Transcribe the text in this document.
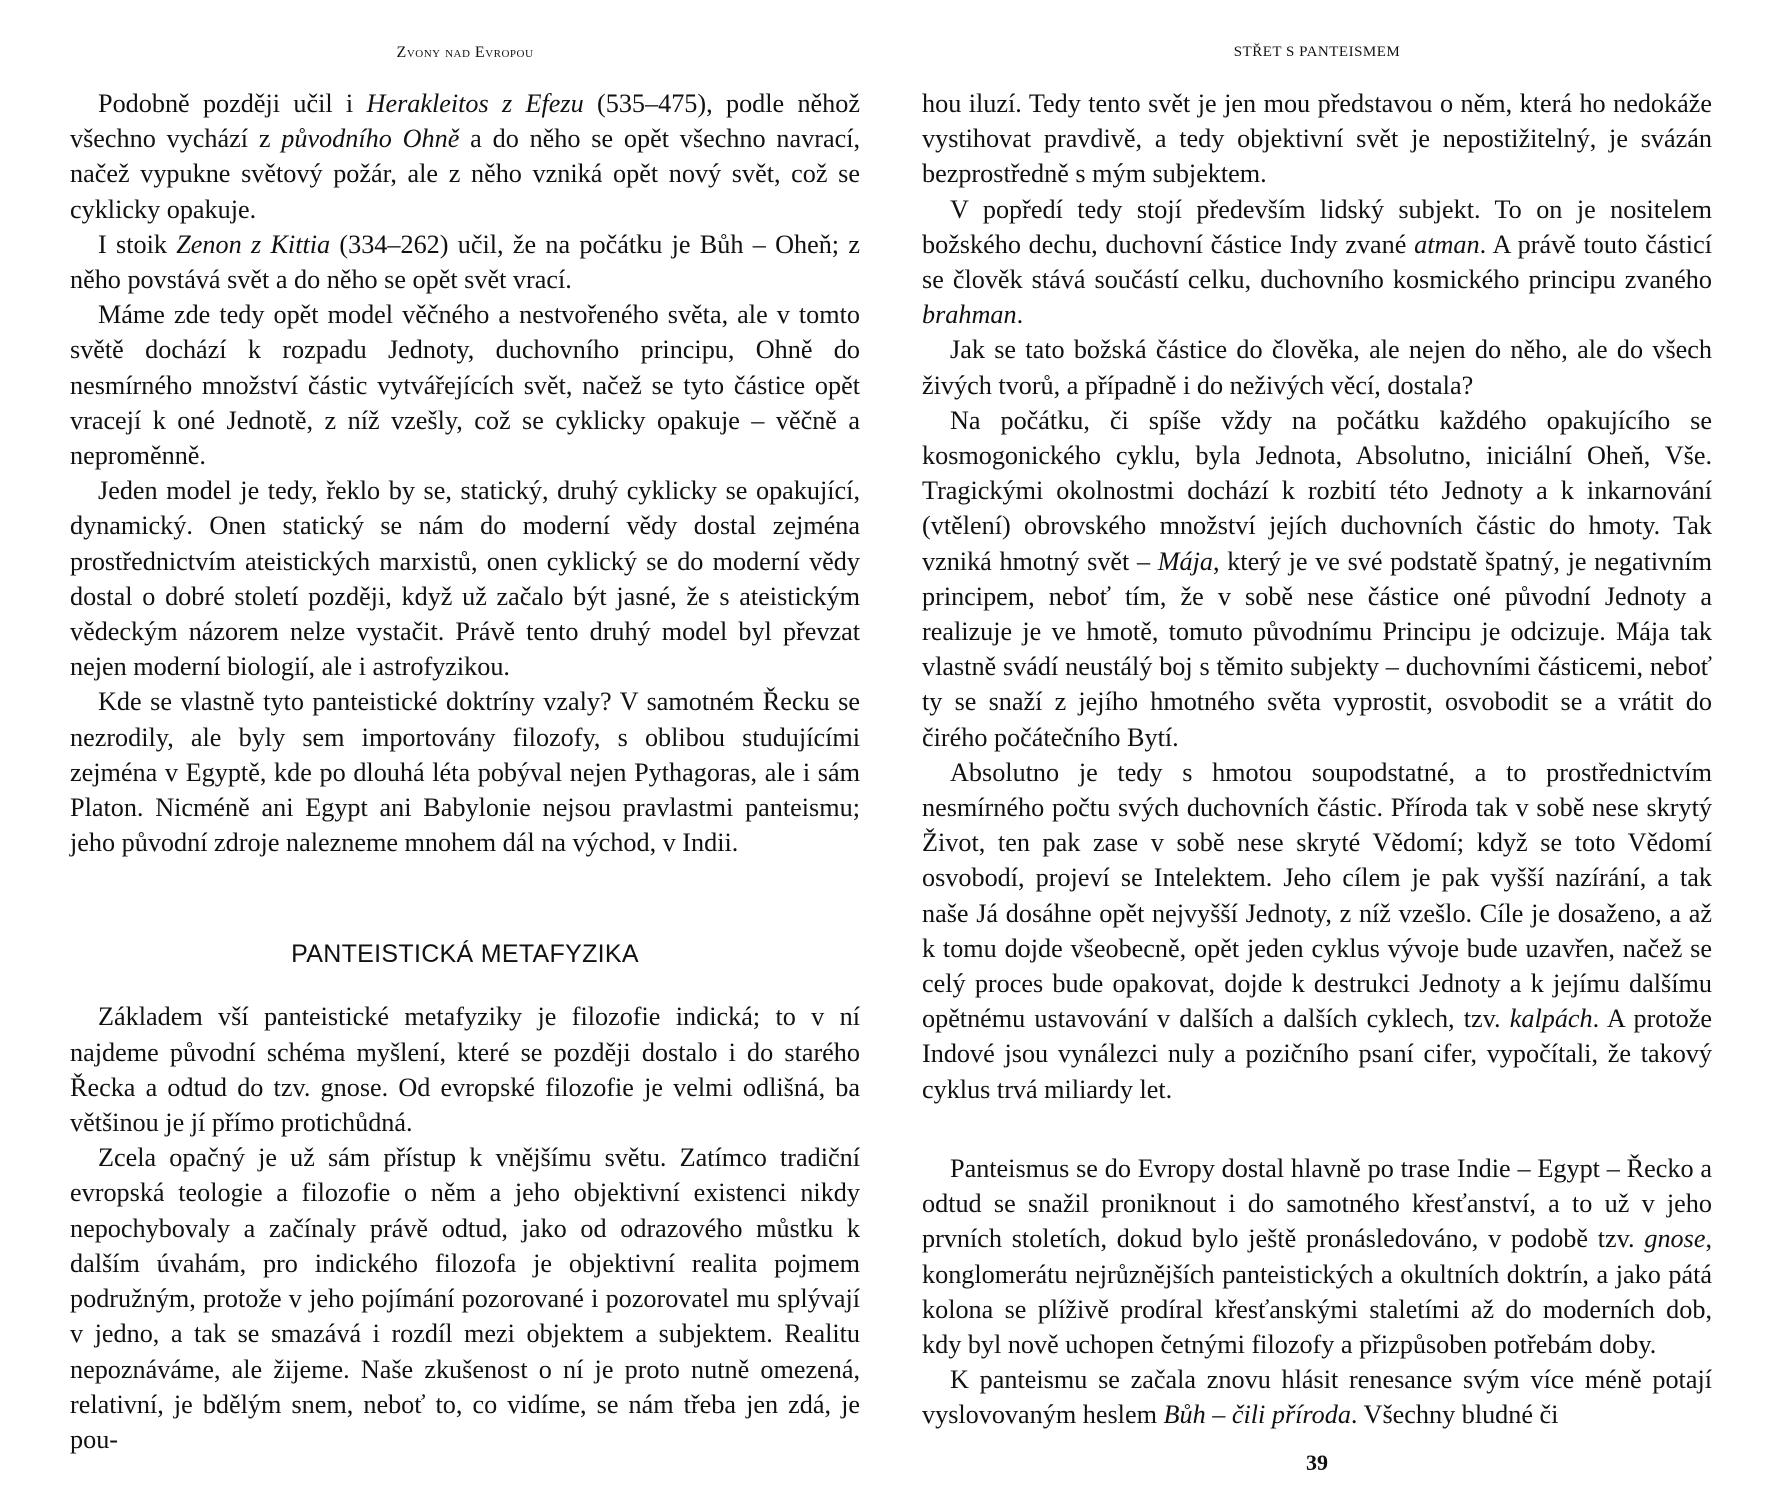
Zvony nad Evropou

Podobně později učil i Herakleitos z Efezu (535–475), podle něhož všechno vychází z původního Ohně a do něho se opět všechno navrací, načež vypukne světový požár, ale z něho vzniká opět nový svět, což se cyklicky opakuje.

I stoik Zenon z Kittia (334–262) učil, že na počátku je Bůh – Oheň; z něho povstává svět a do něho se opět svět vrací.

Máme zde tedy opět model věčného a nestvořeného světa, ale v tomto světě dochází k rozpadu Jednoty, duchovního principu, Ohně do nesmírného množství částic vytvářejících svět, načež se tyto částice opět vracejí k oné Jednotě, z níž vzešly, což se cyklicky opakuje – věčně a neproměnně.

Jeden model je tedy, řeklo by se, statický, druhý cyklicky se opakující, dynamický. Onen statický se nám do moderní vědy dostal zejména prostřednictvím ateistických marxistů, onen cyklický se do moderní vědy dostal o dobré století později, když už začalo být jasné, že s ateistickým vědeckým názorem nelze vystačit. Právě tento druhý model byl převzat nejen moderní biologií, ale i astrofyzikou.

Kde se vlastně tyto panteistické doktríny vzaly? V samotném Řecku se nezrodily, ale byly sem importovány filozofy, s oblibou studujícími zejména v Egyptě, kde po dlouhá léta pobýval nejen Pythagoras, ale i sám Platon. Nicméně ani Egypt ani Babylonie nejsou pravlastmi panteismu; jeho původní zdroje nalezneme mnohem dál na východ, v Indii.

PANTEISTICKÁ METAFYZIKA

Základem vší panteistické metafyziky je filozofie indická; to v ní najdeme původní schéma myšlení, které se později dostalo i do starého Řecka a odtud do tzv. gnose. Od evropské filozofie je velmi odlišná, ba většinou je jí přímo protichůdná.

Zcela opačný je už sám přístup k vnějšímu světu. Zatímco tradiční evropská teologie a filozofie o něm a jeho objektivní existenci nikdy nepochybovaly a začínaly právě odtud, jako od odrazového můstku k dalším úvahám, pro indického filozofa je objektivní realita pojmem podružným, protože v jeho pojímání pozorované i pozorovatel mu splývají v jedno, a tak se smazává i rozdíl mezi objektem a subjektem. Realitu nepoznáváme, ale žijeme. Naše zkušenost o ní je proto nutně omezená, relativní, je bdělým snem, neboť to, co vidíme, se nám třeba jen zdá, je pou-

STŘET S PANTEISMEM

hou iluzí. Tedy tento svět je jen mou představou o něm, která ho nedokáže vystihovat pravdivě, a tedy objektivní svět je nepostižitelný, je svázán bezprostředně s mým subjektem.

V popředí tedy stojí především lidský subjekt. To on je nositelem božského dechu, duchovní částice Indy zvané atman. A právě touto částicí se člověk stává součástí celku, duchovního kosmického principu zvaného brahman.

Jak se tato božská částice do člověka, ale nejen do něho, ale do všech živých tvorů, a případně i do neživých věcí, dostala?

Na počátku, či spíše vždy na počátku každého opakujícího se kosmogonického cyklu, byla Jednota, Absolutno, iniciální Oheň, Vše. Tragickými okolnostmi dochází k rozbití této Jednoty a k inkarnování (vtělení) obrovského množství jejích duchovních částic do hmoty. Tak vzniká hmotný svět – Mája, který je ve své podstatě špatný, je negativním principem, neboť tím, že v sobě nese částice oné původní Jednoty a realizuje je ve hmotě, tomuto původnímu Principu je odcizuje. Mája tak vlastně svádí neustálý boj s těmito subjekty – duchovními částicemi, neboť ty se snaží z jejího hmotného světa vyprostit, osvobodit se a vrátit do čirého počátečního Bytí.

Absolutno je tedy s hmotou soupodstatné, a to prostřednictvím nesmírného počtu svých duchovních částic. Příroda tak v sobě nese skrytý Život, ten pak zase v sobě nese skryté Vědomí; když se toto Vědomí osvobodí, projeví se Intelektem. Jeho cílem je pak vyšší nazírání, a tak naše Já dosáhne opět nejvyšší Jednoty, z níž vzešlo. Cíle je dosaženo, a až k tomu dojde všeobecně, opět jeden cyklus vývoje bude uzavřen, načež se celý proces bude opakovat, dojde k destrukci Jednoty a k jejímu dalšímu opětnému ustavování v dalších a dalších cyklech, tzv. kalpách. A protože Indové jsou vynálezci nuly a pozičního psaní cifer, vypočítali, že takový cyklus trvá miliardy let.

Panteismus se do Evropy dostal hlavně po trase Indie – Egypt – Řecko a odtud se snažil proniknout i do samotného křesťanství, a to už v jeho prvních stoletích, dokud bylo ještě pronásledováno, v podobě tzv. gnose, konglomerátu nejrůznějších panteistických a okultních doktrín, a jako pátá kolona se plíživě prodíral křesťanskými staletími až do moderních dob, kdy byl nově uchopen četnými filozofy a přizpůsoben potřebám doby.

K panteismu se začala znovu hlásit renesance svým více méně potají vyslovovaným heslem Bůh – čili příroda. Všechny bludné či

39
